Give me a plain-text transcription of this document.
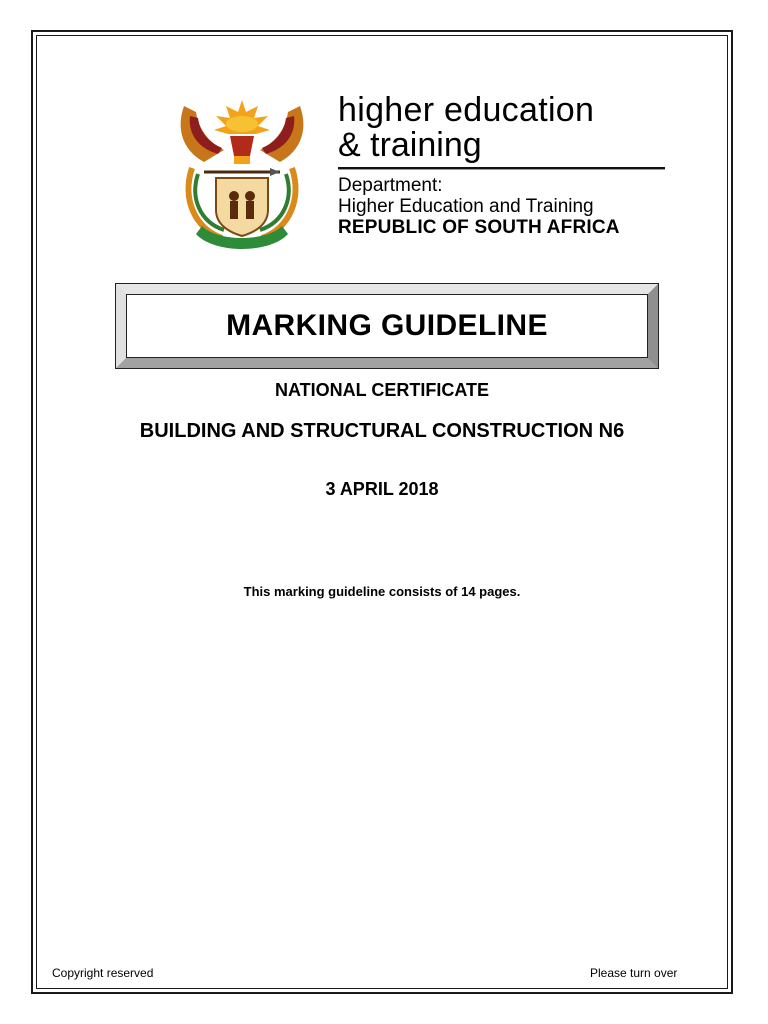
higher education
& training
Department:
Higher Education and Training
REPUBLIC OF SOUTH AFRICA
MARKING GUIDELINE
NATIONAL CERTIFICATE
BUILDING AND STRUCTURAL CONSTRUCTION N6
3 APRIL 2018
This marking guideline consists of 14 pages.
Copyright reserved	Please turn over
